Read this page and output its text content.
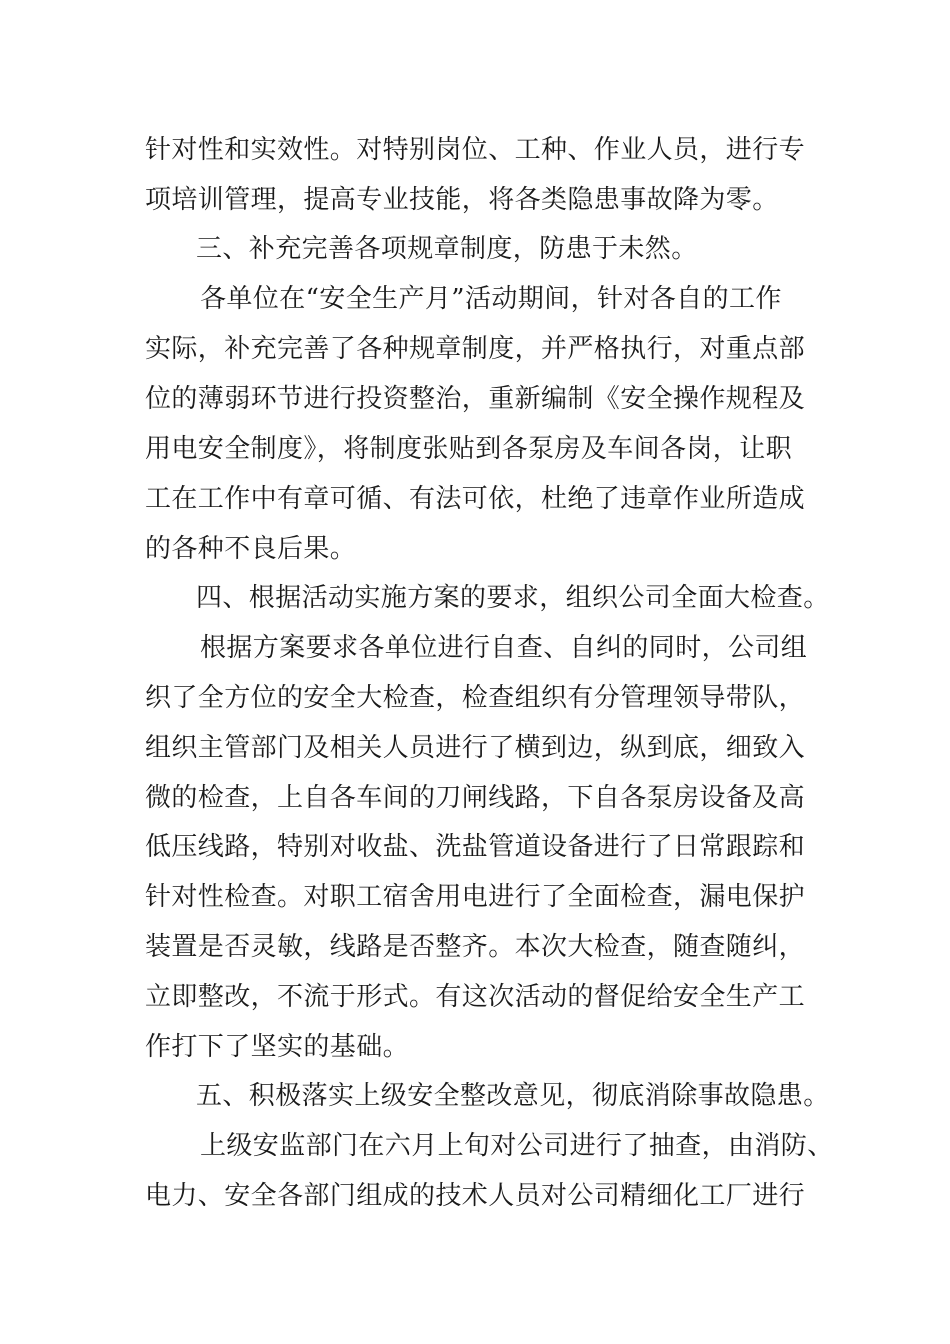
针对性和实效性。对特别岗位、工种、作业人员，进行专
项培训管理，提高专业技能，将各类隐患事故降为零。
三、补充完善各项规章制度，防患于未然。
各单位在“安全生产月”活动期间，针对各自的工作
实际，补充完善了各种规章制度，并严格执行，对重点部
位的薄弱环节进行投资整治，重新编制《安全操作规程及
用电安全制度》，将制度张贴到各泵房及车间各岗，让职
工在工作中有章可循、有法可依，杜绝了违章作业所造成
的各种不良后果。
四、根据活动实施方案的要求，组织公司全面大检查。
根据方案要求各单位进行自查、自纠的同时，公司组
织了全方位的安全大检查，检查组织有分管理领导带队，
组织主管部门及相关人员进行了横到边，纵到底，细致入
微的检查，上自各车间的刀闸线路，下自各泵房设备及高
低压线路，特别对收盐、洗盐管道设备进行了日常跟踪和
针对性检查。对职工宿舍用电进行了全面检查，漏电保护
装置是否灵敏，线路是否整齐。本次大检查，随查随纠，
立即整改，不流于形式。有这次活动的督促给安全生产工
作打下了坚实的基础。
五、积极落实上级安全整改意见，彻底消除事故隐患。
上级安监部门在六月上旬对公司进行了抽查，由消防、
电力、安全各部门组成的技术人员对公司精细化工厂进行
